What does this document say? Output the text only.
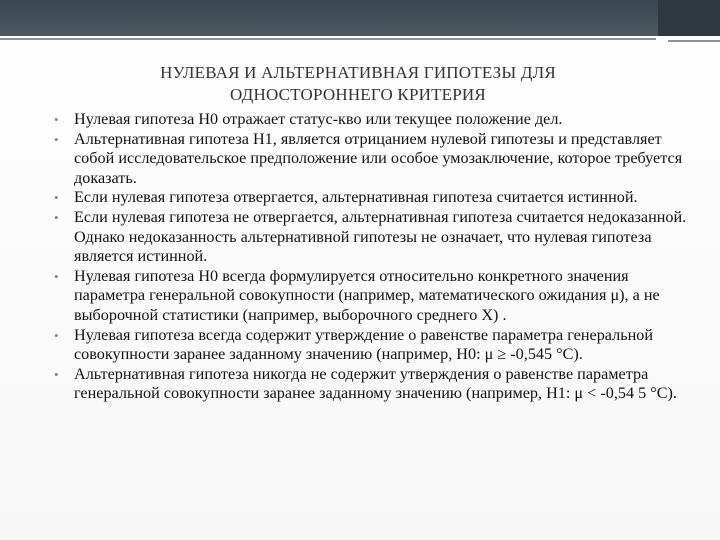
НУЛЕВАЯ И АЛЬТЕРНАТИВНАЯ ГИПОТЕЗЫ ДЛЯ
ОДНОСТОРОННЕГО КРИТЕРИЯ
• Нулевая гипотеза Н0 отражает статус-кво или текущее положение дел.
• Альтернативная гипотеза Н1, является отрицанием нулевой гипотезы и представляет собой исследовательское предположение или особое умозаключение, которое требуется доказать.
• Если нулевая гипотеза отвергается, альтернативная гипотеза считается истинной.
• Если нулевая гипотеза не отвергается, альтернативная гипотеза считается недоказанной. Однако недоказанность альтернативной гипотезы не означает, что нулевая гипотеза является истинной.
• Нулевая гипотеза Н0 всегда формулируется относительно конкретного значения параметра генеральной совокупности (например, математического ожидания μ), а не выборочной статистики (например, выборочного среднего Х) .
• Нулевая гипотеза всегда содержит утверждение о равенстве параметра генеральной совокупности заранее заданному значению (например, Н0: μ ≥ -0,545 °С).
• Альтернативная гипотеза никогда не содержит утверждения о равенстве параметра генеральной совокупности заранее заданному значению (например, Н1: μ < -0,54 5 °С).
